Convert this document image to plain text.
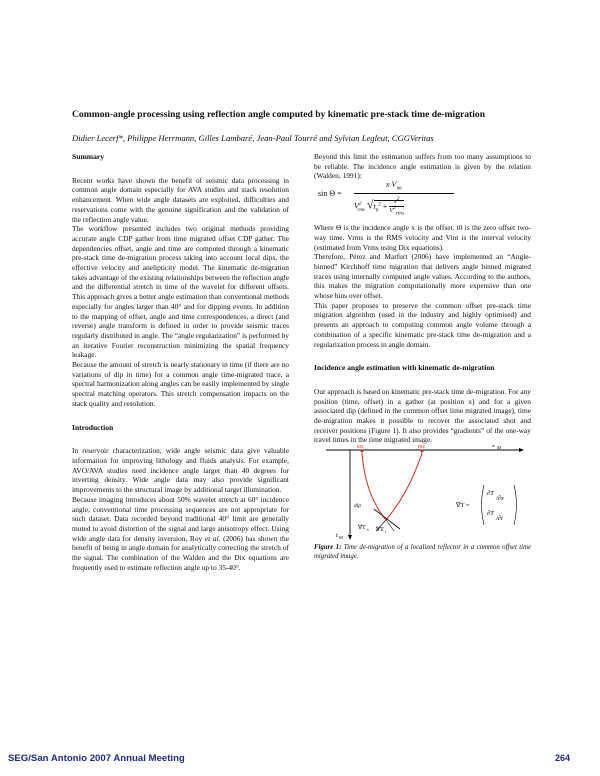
Common-angle processing using reflection angle computed by kinematic pre-stack time de-migration
Didier Lecerf*, Philippe Herrmann, Gilles Lambaré, Jean-Paul Tourré and Sylvian Legleut, CGGVeritas
Summary

Recent works have shown the benefit of seismic data processing in common angle domain especially for AVA studies and stack resolution enhancement. When wide angle datasets are exploited, difficulties and reservations come with the genuine signification and the validation of the reflection angle value.

The workflow presented includes two original methods providing accurate angle CDP gather from time migrated offset CDP gather. The dependencies offset, angle and time are computed through a kinematic pre-stack time de-migration process taking into account local dips, the effective velocity and anelipticity model. The kinematic de-migration takes advantage of the existing relationships between the reflection angle and the differential stretch in time of the wavelet for different offsets. This approach gives a better angle estimation than conventional methods especially for angles larger than 40° and for dipping events. In addition to the mapping of offset, angle and time correspondences, a direct (and reverse) angle transform is defined in order to provide seismic traces regularly distributed in angle. The “angle regularization” is performed by an iterative Fourier reconstruction minimizing the spatial frequency leakage.

Because the amount of stretch is nearly stationary in time (if there are no variations of dip in time) for a common angle time-migrated trace, a spectral harmonization along angles can be easily implemented by single spectral matching operators. This stretch compensation impacts on the stack quality and resolution.

Introduction

In reservoir characterization, wide angle seismic data give valuable information for improving lithology and fluids analysis. For example, AVO/AVA studies need incidence angle larger than 40 degrees for inverting density. Wide angle data may also provide significant improvements to the structural image by additional target illumination.

Because imaging introduces about 50% wavelet stretch at 60° incidence angle, conventional time processing sequences are not appropriate for such dataset. Data recorded beyond traditional 40° limit are generally muted to avoid distortion of the signal and large anisotropy effect. Using wide angle data for density inversion, Roy et al. (2006) has shown the benefit of being in angle domain for analytically correcting the stretch of the signal. The combination of the Walden and the Dix equations are frequently used to estimate reflection angle up to 35-40°.

Beyond this limit the estimation suffers from too many assumptions to be reliable. The incidence angle estimation is given by the relation (Walden, 1991):

sin Θ =
x $V_{int}$
$V^2_{rms}$ $√t_0^2 + x^2$
$V^2_{rms}$

Where Θ is the incidence angle x is the offset. t0 is the zero offset two-way time. Vrms is the RMS velocity and Vint is the interval velocity (estimated from Vrms using Dix equations).

Therefore, Pérez and Marfurt (2006) have implemented an “Angle-binned” Kirchhoff time migration that delivers angle binned migrated traces using internally computed angle values. According to the authors, this makes the migration computationally more expensive than one whose bins over offset.

This paper proposes to preserve the common offset pre-stack time migration algorithm (used in the industry and highly optimised) and presents an approach to computing common angle volume through a combination of a specific kinematic pre-stack time de-migration and a regularization process in angle domain.

Incidence angle estimation with kinematic de-migration

Our approach is based on kinematic pre-stack time de-migration. For any position (time, offset) in a gather (at position x) and for a given associated dip (defined in the common offset time migrated image), time de-migration makes it possible to recover the associated shot and receiver positions (Figure 1). It also provides “gradients” of the one-way travel times in the time migrated image.

src	rec	x M
dip
t M
∇T s ∇T r
∇T =
∂T
/∂x
∂T
/∂t

Figure 1: Time de-migration of a localized reflector in a common offset time migrated image.

SEG/San Antonio 2007 Annual Meeting	264
